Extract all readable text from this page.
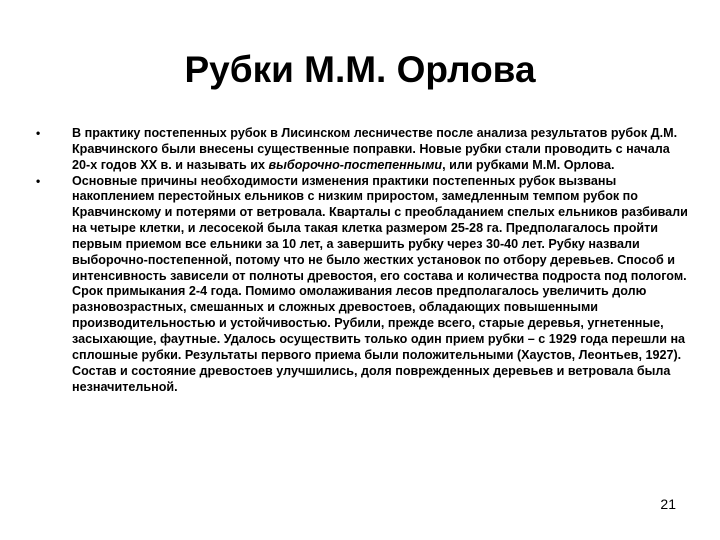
Рубки М.М. Орлова
•	В практику постепенных рубок в Лисинском лесничестве после анализа результатов рубок Д.М. Кравчинского были внесены существенные поправки. Новые рубки стали проводить с начала 20-х годов XX в. и называть их выборочно-постепенными, или рубками М.М. Орлова.
•	Основные причины необходимости изменения практики постепенных рубок вызваны накоплением перестойных ельников с низким приростом, замедленным темпом рубок по Кравчинскому и потерями от ветровала. Кварталы с преобладанием спелых ельников разбивали на четыре клетки, и лесосекой была такая клетка размером 25-28 га. Предполагалось пройти первым приемом все ельники за 10 лет, а завершить рубку через 30-40 лет. Рубку назвали выборочно-постепенной, потому что не было жестких установок по отбору деревьев. Способ и интенсивность зависели от полноты древостоя, его состава и количества подроста под пологом. Срок примыкания 2-4 года. Помимо омолаживания лесов предполагалось увеличить долю разновозрастных, смешанных и сложных древостоев, обладающих повышенными производительностью и устойчивостью. Рубили, прежде всего, старые деревья, угнетенные, засыхающие, фаутные. Удалось осуществить только один прием рубки – с 1929 года перешли на сплошные рубки. Результаты первого приема были положительными (Хаустов, Леонтьев, 1927). Состав и состояние древостоев улучшились, доля поврежденных деревьев и ветровала была незначительной.
21
